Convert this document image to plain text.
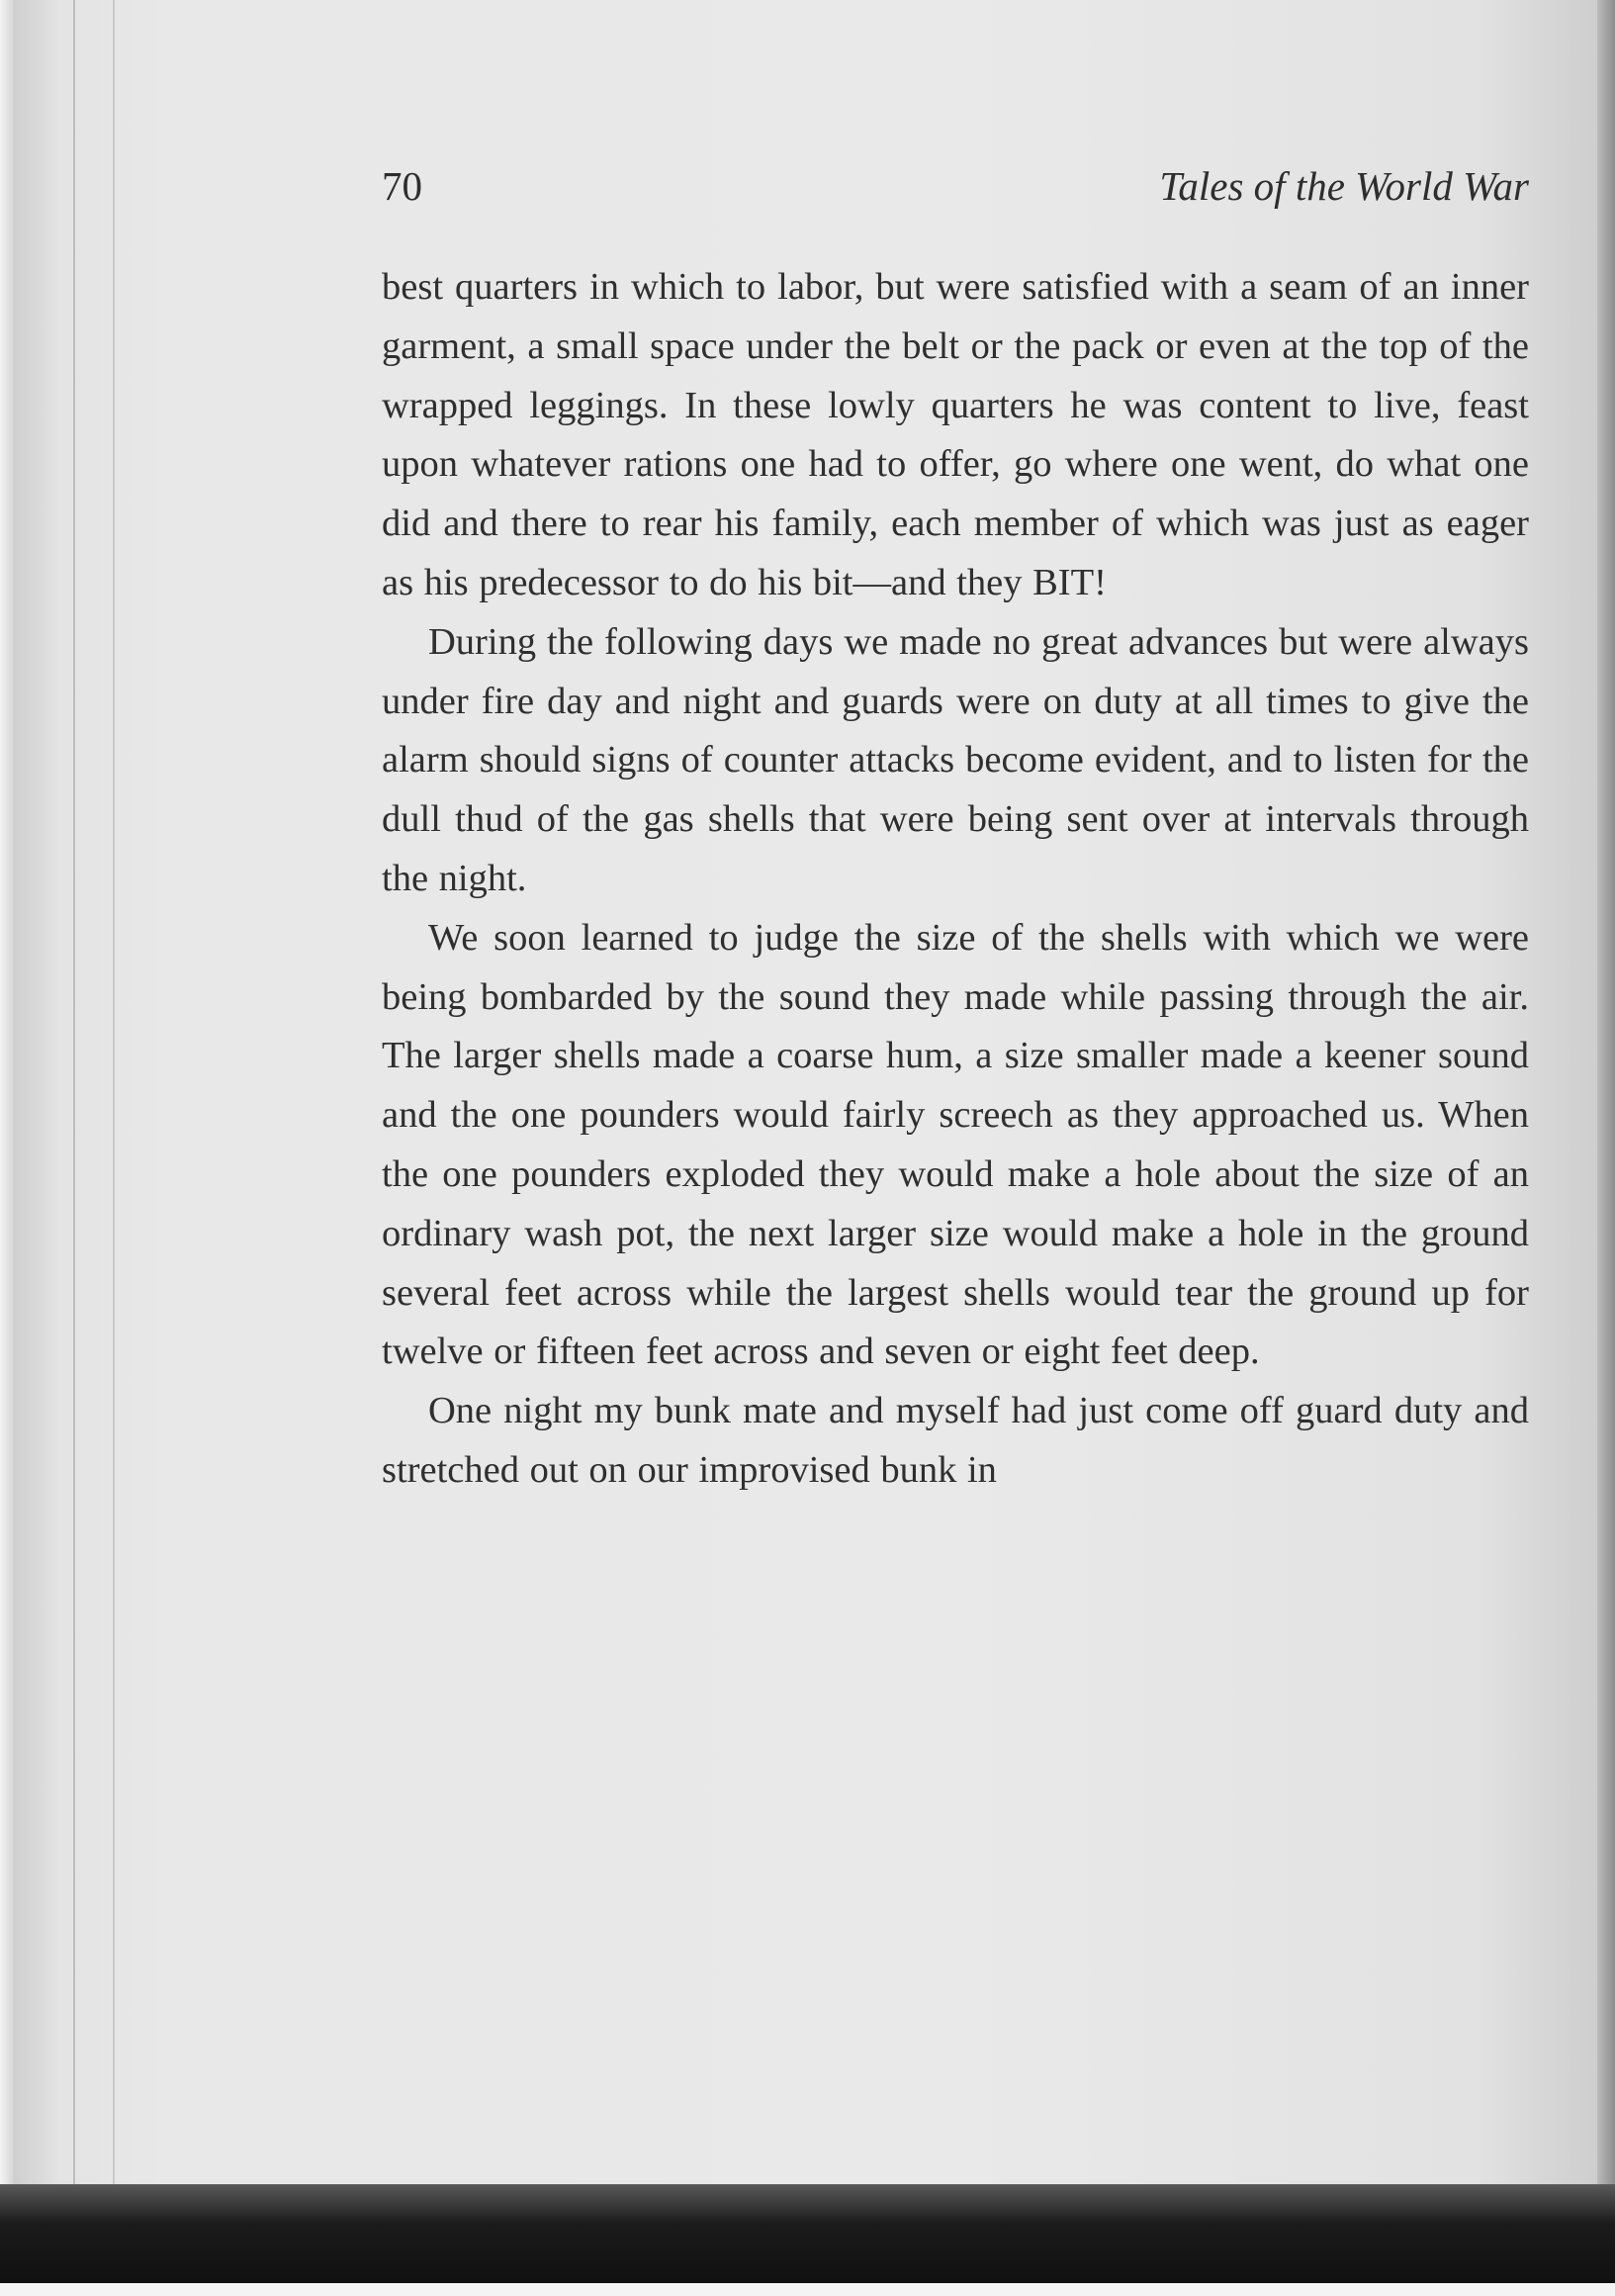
70	Tales of the World War

best quarters in which to labor, but were satisfied with a seam of an inner garment, a small space under the belt or the pack or even at the top of the wrapped leggings. In these lowly quarters he was content to live, feast upon whatever rations one had to offer, go where one went, do what one did and there to rear his family, each member of which was just as eager as his predecessor to do his bit—and they BIT!

During the following days we made no great advances but were always under fire day and night and guards were on duty at all times to give the alarm should signs of counter attacks become evident, and to listen for the dull thud of the gas shells that were being sent over at intervals through the night.

We soon learned to judge the size of the shells with which we were being bombarded by the sound they made while passing through the air. The larger shells made a coarse hum, a size smaller made a keener sound and the one pounders would fairly screech as they approached us. When the one pounders exploded they would make a hole about the size of an ordinary wash pot, the next larger size would make a hole in the ground several feet across while the largest shells would tear the ground up for twelve or fifteen feet across and seven or eight feet deep.

One night my bunk mate and myself had just come off guard duty and stretched out on our improvised bunk in
